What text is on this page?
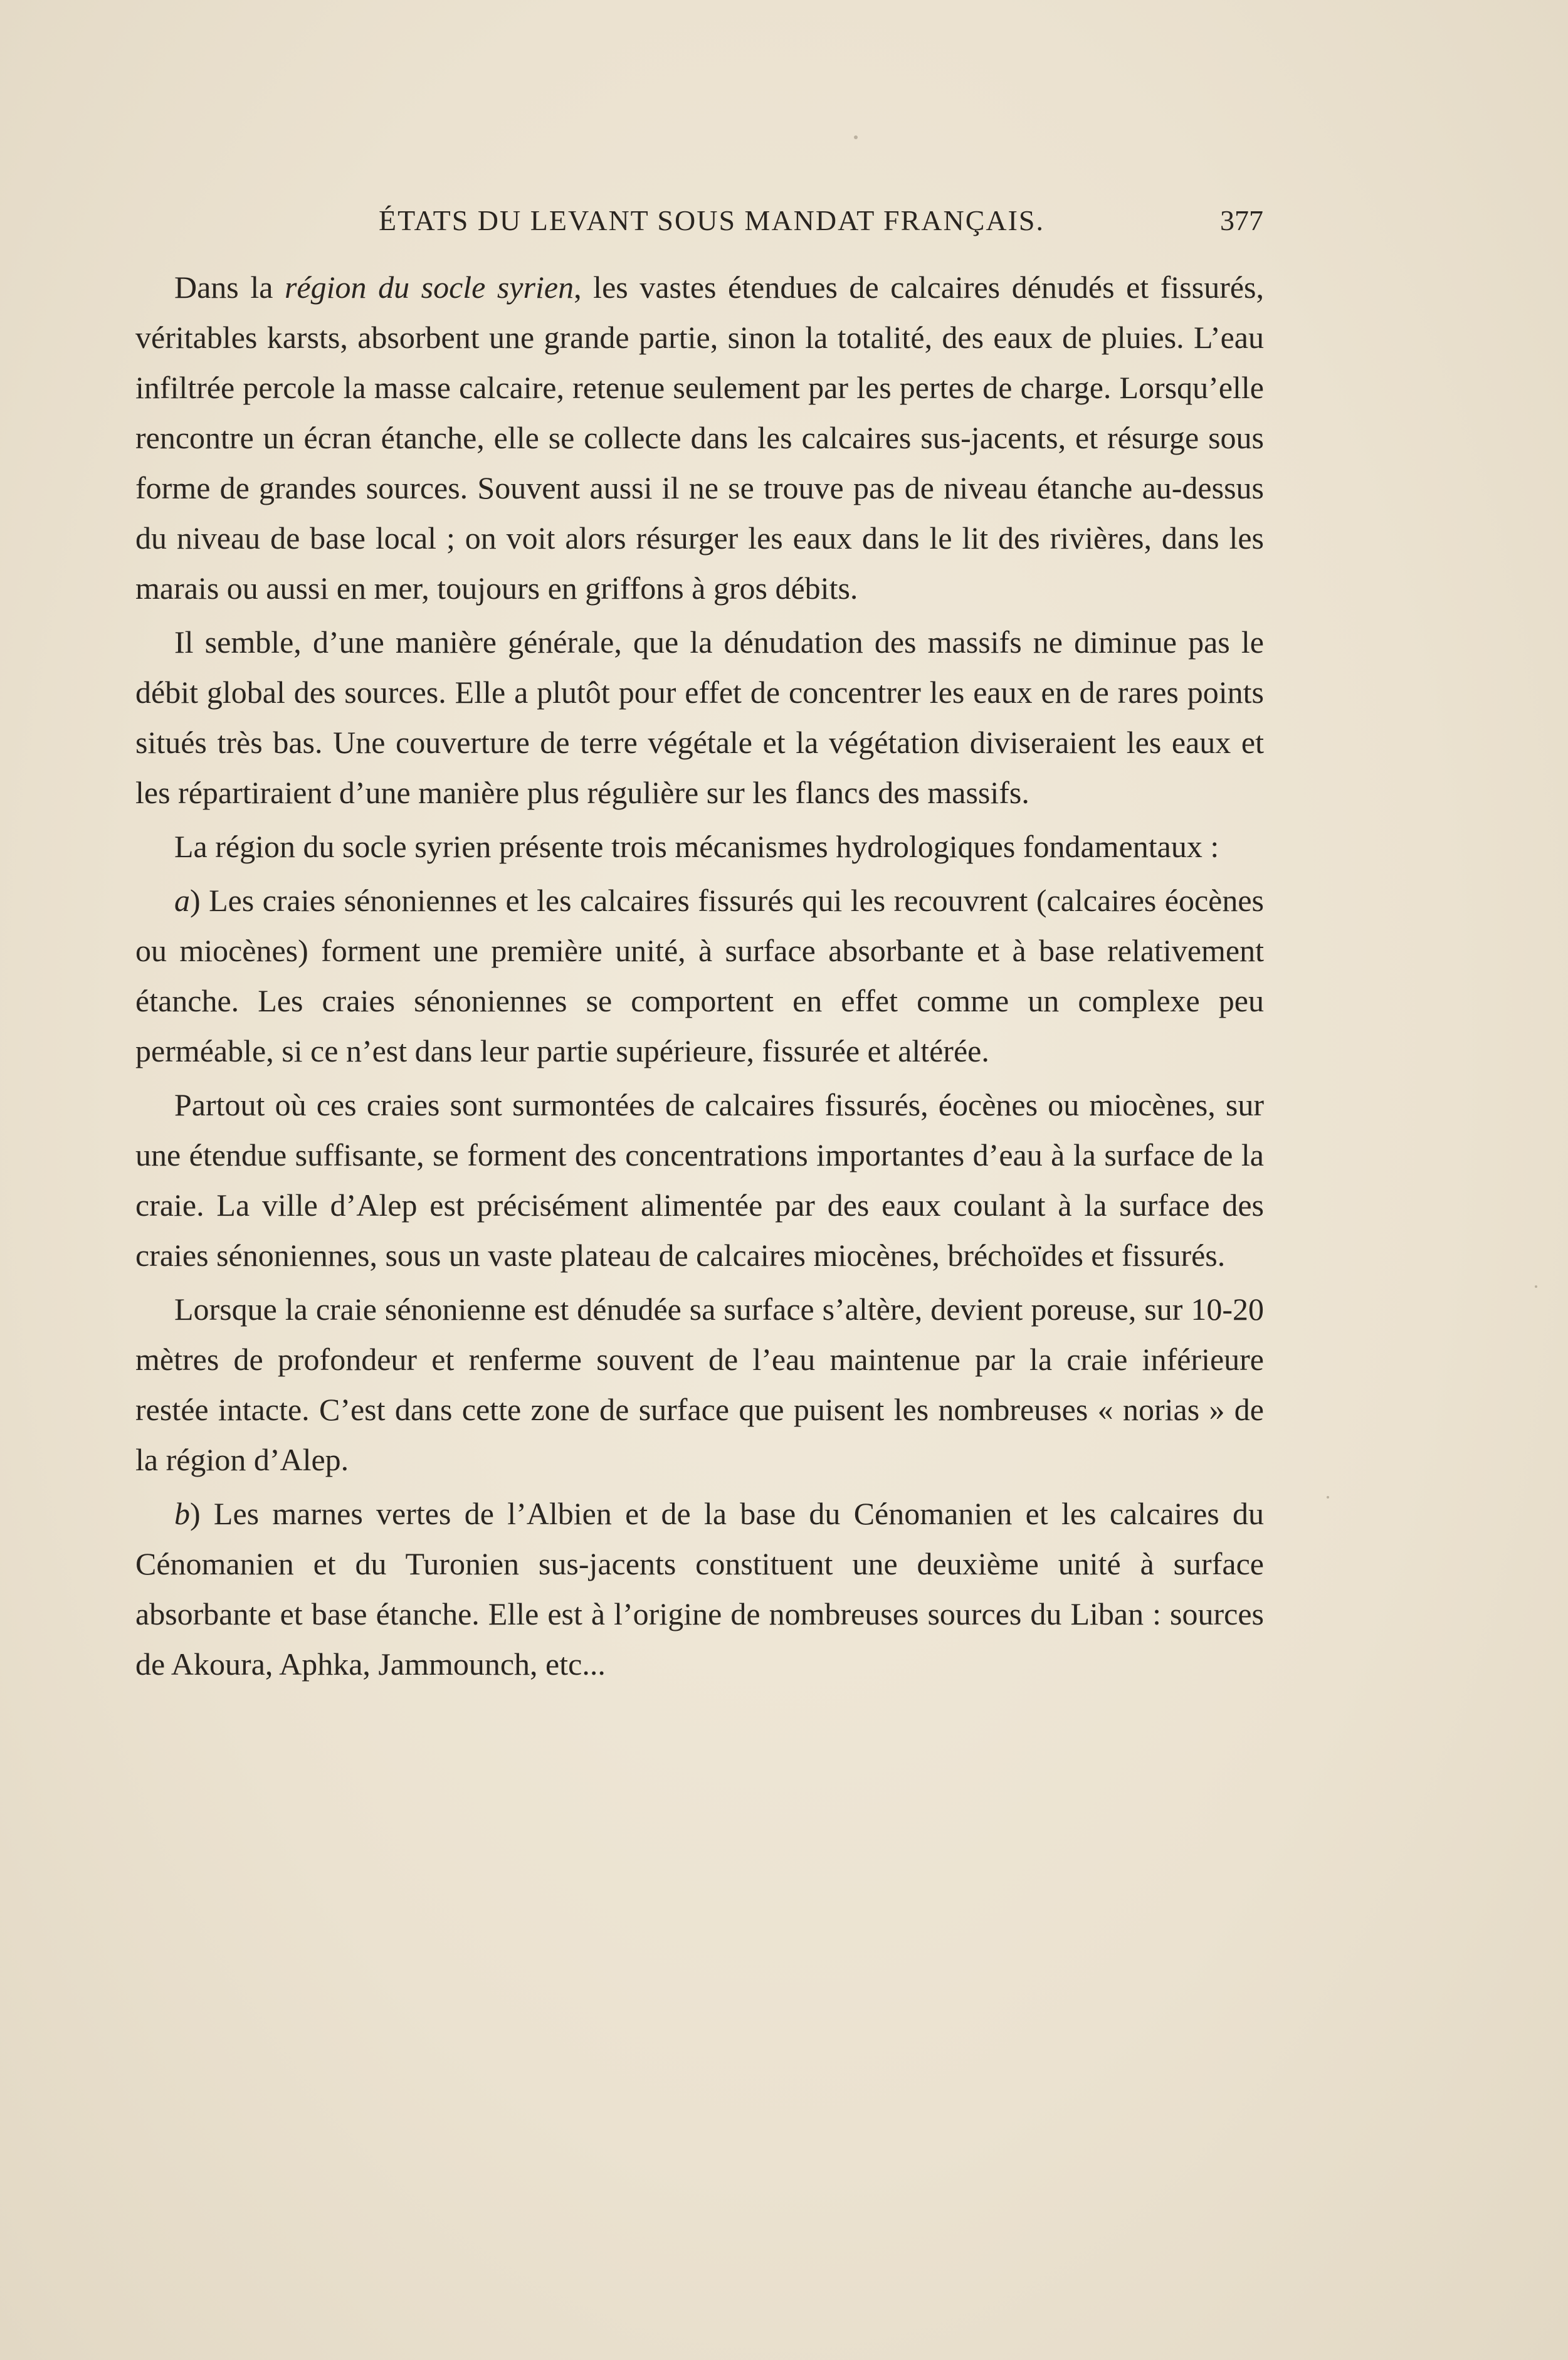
ÉTATS DU LEVANT SOUS MANDAT FRANÇAIS.	377

Dans la région du socle syrien, les vastes étendues de calcaires dénudés et fissurés, véritables karsts, absorbent une grande partie, sinon la totalité, des eaux de pluies. L’eau infiltrée percole la masse calcaire, retenue seulement par les pertes de charge. Lorsqu’elle rencontre un écran étanche, elle se collecte dans les calcaires sus-jacents, et résurge sous forme de grandes sources. Souvent aussi il ne se trouve pas de niveau étanche au-dessus du niveau de base local ; on voit alors résurger les eaux dans le lit des rivières, dans les marais ou aussi en mer, toujours en griffons à gros débits.

Il semble, d’une manière générale, que la dénudation des massifs ne diminue pas le débit global des sources. Elle a plutôt pour effet de concentrer les eaux en de rares points situés très bas. Une couverture de terre végétale et la végétation diviseraient les eaux et les répartiraient d’une manière plus régulière sur les flancs des massifs.

La région du socle syrien présente trois mécanismes hydrologiques fondamentaux :

a) Les craies sénoniennes et les calcaires fissurés qui les recouvrent (calcaires éocènes ou miocènes) forment une première unité, à surface absorbante et à base relativement étanche. Les craies sénoniennes se comportent en effet comme un complexe peu perméable, si ce n’est dans leur partie supérieure, fissurée et altérée.

Partout où ces craies sont surmontées de calcaires fissurés, éocènes ou miocènes, sur une étendue suffisante, se forment des concentrations importantes d’eau à la surface de la craie. La ville d’Alep est précisément alimentée par des eaux coulant à la surface des craies sénoniennes, sous un vaste plateau de calcaires miocènes, bréchoïdes et fissurés.

Lorsque la craie sénonienne est dénudée sa surface s’altère, devient poreuse, sur 10-20 mètres de profondeur et renferme souvent de l’eau maintenue par la craie inférieure restée intacte. C’est dans cette zone de surface que puisent les nombreuses « norias » de la région d’Alep.

b) Les marnes vertes de l’Albien et de la base du Cénomanien et les calcaires du Cénomanien et du Turonien sus-jacents constituent une deuxième unité à surface absorbante et base étanche. Elle est à l’origine de nombreuses sources du Liban : sources de Akoura, Aphka, Jammounch, etc...
